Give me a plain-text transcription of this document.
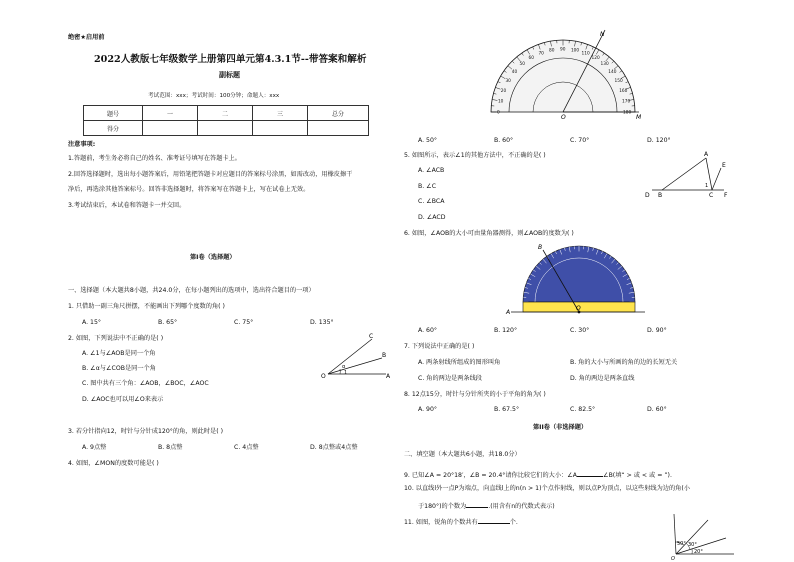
绝密★启用前
2022人教版七年级数学上册第四单元第4.3.1节--带答案和解析
副标题
考试范围：xxx；考试时间：100分钟；命题人：xxx
题号	一	二	三	总分
得分				
注意事项:
1.答题前，考生务必将自己的姓名、准考证号填写在答题卡上。
2.回答选择题时，选出每小题答案后，用铅笔把答题卡对应题目的答案标号涂黑，如需改动，用橡皮擦干
净后，再选涂其他答案标号。回答非选择题时，将答案写在答题卡上，写在试卷上无效。
3.考试结束后，本试卷和答题卡一并交回。
第I卷（选择题）
一、选择题（本大题共8小题，共24.0分，在每小题列出的选项中，选出符合题目的一项）
1. 只借助一副三角尺拼摆，不能画出下列哪个度数的角( )
A. 15°	B. 65°	C. 75°	D. 135°
2. 如图，下列说法中不正确的是( )
A. ∠1与∠AOB是同一个角
B. ∠α与∠COB是同一个角
C. 图中共有三个角：∠AOB，∠BOC，∠AOC
D. ∠AOC也可以用∠O来表示
C
B
O	A
α
1
3. 若分针指向12，时针与分针成120°的角，则此时是( )
A. 9点整	B. 8点整	C. 4点整	D. 8点整或4点整
4. 如图，∠MON的度数可能是( )
180
170
160
150
140
130
120
110
100
90
80
70
60
50
40
30
20
10
0
N
O	M
A. 50°	B. 60°	C. 70°	D. 120°
5. 如图所示，表示∠1的其他方法中，不正确的是( )
A. ∠ACB
B. ∠C
C. ∠BCA
D. ∠ACD
A
E
D B	C F
1
6. 如图，∠AOB的大小可由量角器测得，则∠AOB的度数为( )
B
A
O
A. 60°	B. 120°	C. 30°	D. 90°
7. 下列说法中正确的是( )
A. 两条射线所组成的图形叫角	B. 角的大小与所画的角的边的长短无关
C. 角的两边是两条线段	D. 角的两边是两条直线
8. 12点15分，时针与分针所夹的小于平角的角为( )
A. 90°	B. 67.5°	C. 82.5°	D. 60°
第II卷（非选择题）
二、填空题（本大题共6小题，共18.0分）
9. 已知∠A = 20°18′，∠B = 20.4°请你比较它们的大小：∠A	∠B(填“ > 或 < 或 = ”).
10. 以直线l外一点P为端点，向直线l上的n(n > 1)个点作射线，则以点P为顶点，以这些射线为边的角(小
于180°)的个数为	.(用含有n的代数式表示)
11. 如图，锐角的个数共有	个.
50° 30°
20°
O
